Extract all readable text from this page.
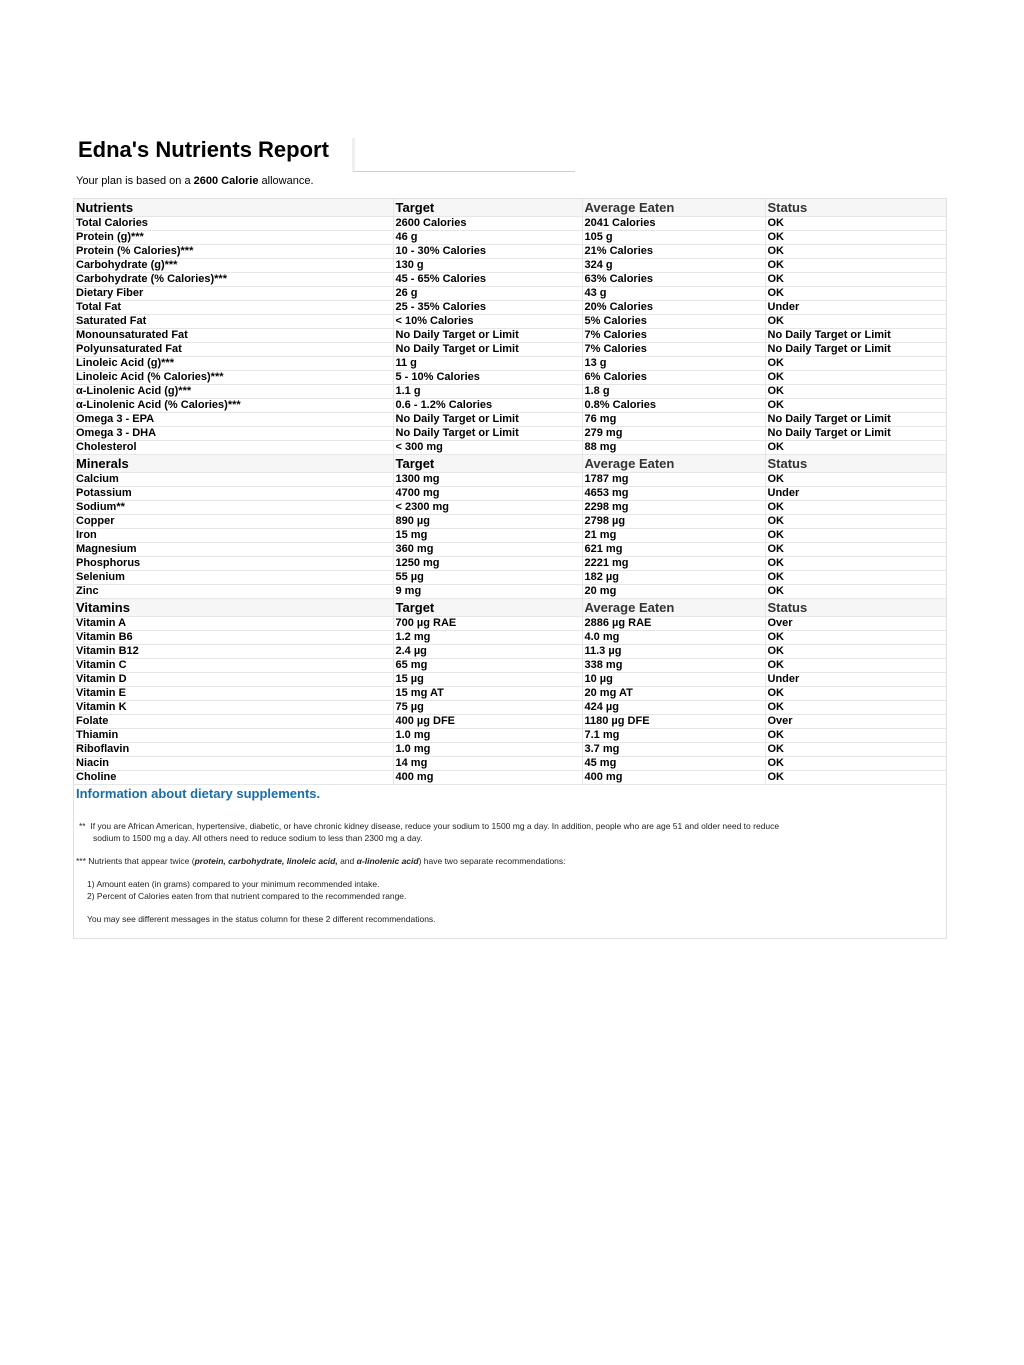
Edna's Nutrients Report
Your plan is based on a 2600 Calorie allowance.
Nutrients	Target	Average Eaten	Status
Total Calories	2600 Calories	2041 Calories	OK
Protein (g)***	46 g	105 g	OK
Protein (% Calories)***	10 - 30% Calories	21% Calories	OK
Carbohydrate (g)***	130 g	324 g	OK
Carbohydrate (% Calories)***	45 - 65% Calories	63% Calories	OK
Dietary Fiber	26 g	43 g	OK
Total Fat	25 - 35% Calories	20% Calories	Under
Saturated Fat	< 10% Calories	5% Calories	OK
Monounsaturated Fat	No Daily Target or Limit	7% Calories	No Daily Target or Limit
Polyunsaturated Fat	No Daily Target or Limit	7% Calories	No Daily Target or Limit
Linoleic Acid (g)***	11 g	13 g	OK
Linoleic Acid (% Calories)***	5 - 10% Calories	6% Calories	OK
α-Linolenic Acid (g)***	1.1 g	1.8 g	OK
α-Linolenic Acid (% Calories)***	0.6 - 1.2% Calories	0.8% Calories	OK
Omega 3 - EPA	No Daily Target or Limit	76 mg	No Daily Target or Limit
Omega 3 - DHA	No Daily Target or Limit	279 mg	No Daily Target or Limit
Cholesterol	< 300 mg	88 mg	OK
Minerals	Target	Average Eaten	Status
Calcium	1300 mg	1787 mg	OK
Potassium	4700 mg	4653 mg	Under
Sodium**	< 2300 mg	2298 mg	OK
Copper	890 µg	2798 µg	OK
Iron	15 mg	21 mg	OK
Magnesium	360 mg	621 mg	OK
Phosphorus	1250 mg	2221 mg	OK
Selenium	55 µg	182 µg	OK
Zinc	9 mg	20 mg	OK
Vitamins	Target	Average Eaten	Status
Vitamin A	700 µg RAE	2886 µg RAE	Over
Vitamin B6	1.2 mg	4.0 mg	OK
Vitamin B12	2.4 µg	11.3 µg	OK
Vitamin C	65 mg	338 mg	OK
Vitamin D	15 µg	10 µg	Under
Vitamin E	15 mg AT	20 mg AT	OK
Vitamin K	75 µg	424 µg	OK
Folate	400 µg DFE	1180 µg DFE	Over
Thiamin	1.0 mg	7.1 mg	OK
Riboflavin	1.0 mg	3.7 mg	OK
Niacin	14 mg	45 mg	OK
Choline	400 mg	400 mg	OK
Information about dietary supplements.
** If you are African American, hypertensive, diabetic, or have chronic kidney disease, reduce your sodium to 1500 mg a day. In addition, people who are age 51 and older need to reduce sodium to 1500 mg a day. All others need to reduce sodium to less than 2300 mg a day.
*** Nutrients that appear twice (protein, carbohydrate, linoleic acid, and α-linolenic acid) have two separate recommendations:
1) Amount eaten (in grams) compared to your minimum recommended intake.
2) Percent of Calories eaten from that nutrient compared to the recommended range.
You may see different messages in the status column for these 2 different recommendations.
